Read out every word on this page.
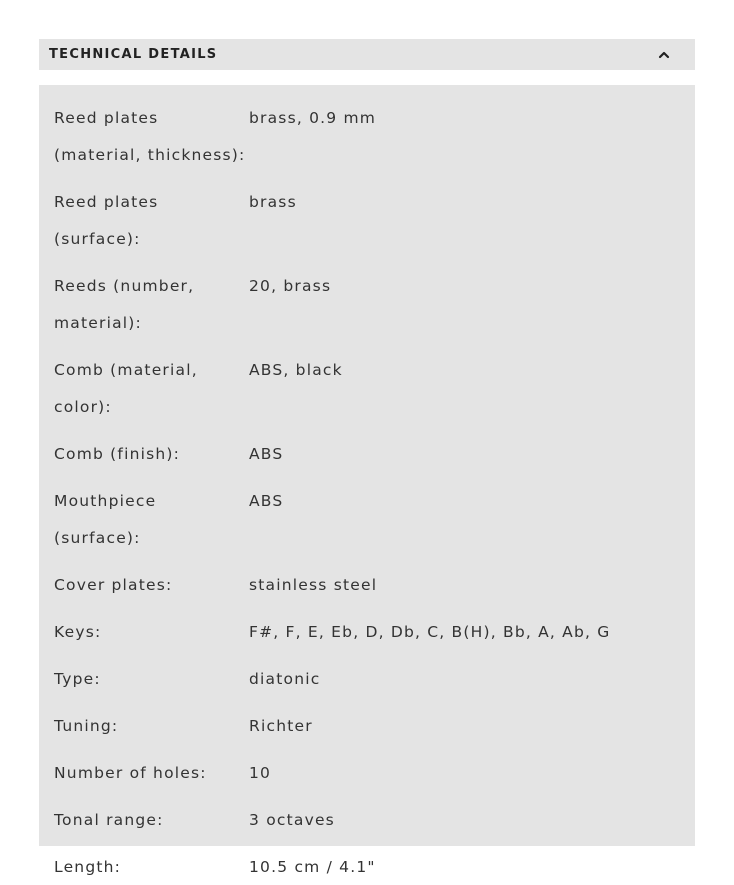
TECHNICAL DETAILS
Reed plates (material, thickness):
brass, 0.9 mm
Reed plates (surface):
brass
Reeds (number, material):
20, brass
Comb (material, color):
ABS, black
Comb (finish):	ABS
Mouthpiece (surface):
ABS
Cover plates:	stainless steel
Keys:	F#, F, E, Eb, D, Db, C, B(H), Bb, A, Ab, G
Type:	diatonic
Tuning:	Richter
Number of holes:	10
Tonal range:	3 octaves
Length:	10.5 cm / 4.1"
